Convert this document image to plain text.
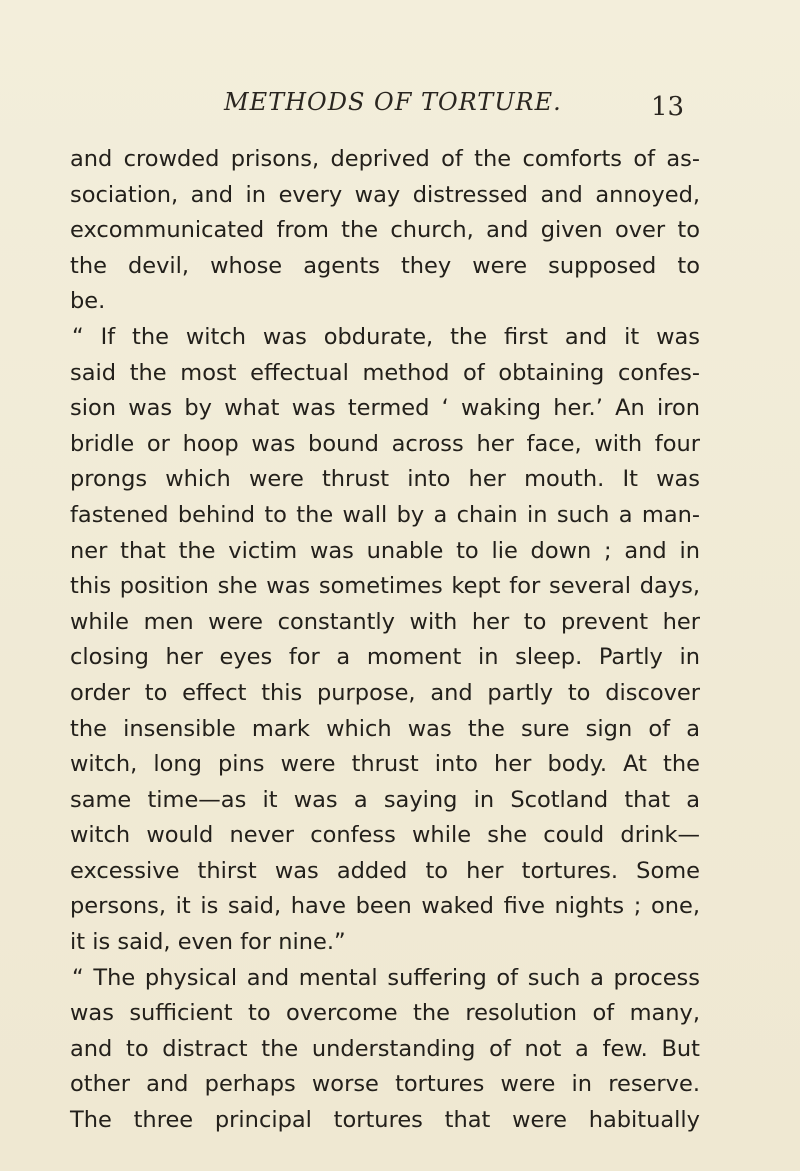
METHODS OF TORTURE.	13
and crowded prisons, deprived of the comforts of as-
sociation, and in every way distressed and annoyed,
excommunicated from the church, and given over to
the devil, whose agents they were supposed to
be.
“ If the witch was obdurate, the first and it was
said the most effectual method of obtaining confes-
sion was by what was termed ‘ waking her.’ An iron
bridle or hoop was bound across her face, with four
prongs which were thrust into her mouth. It was
fastened behind to the wall by a chain in such a man-
ner that the victim was unable to lie down ; and in
this position she was sometimes kept for several days,
while men were constantly with her to prevent her
closing her eyes for a moment in sleep. Partly in
order to effect this purpose, and partly to discover
the insensible mark which was the sure sign of a
witch, long pins were thrust into her body. At the
same time—as it was a saying in Scotland that a
witch would never confess while she could drink—
excessive thirst was added to her tortures. Some
persons, it is said, have been waked five nights ; one,
it is said, even for nine.”
“ The physical and mental suffering of such a process
was sufficient to overcome the resolution of many,
and to distract the understanding of not a few. But
other and perhaps worse tortures were in reserve.
The three principal tortures that were habitually
